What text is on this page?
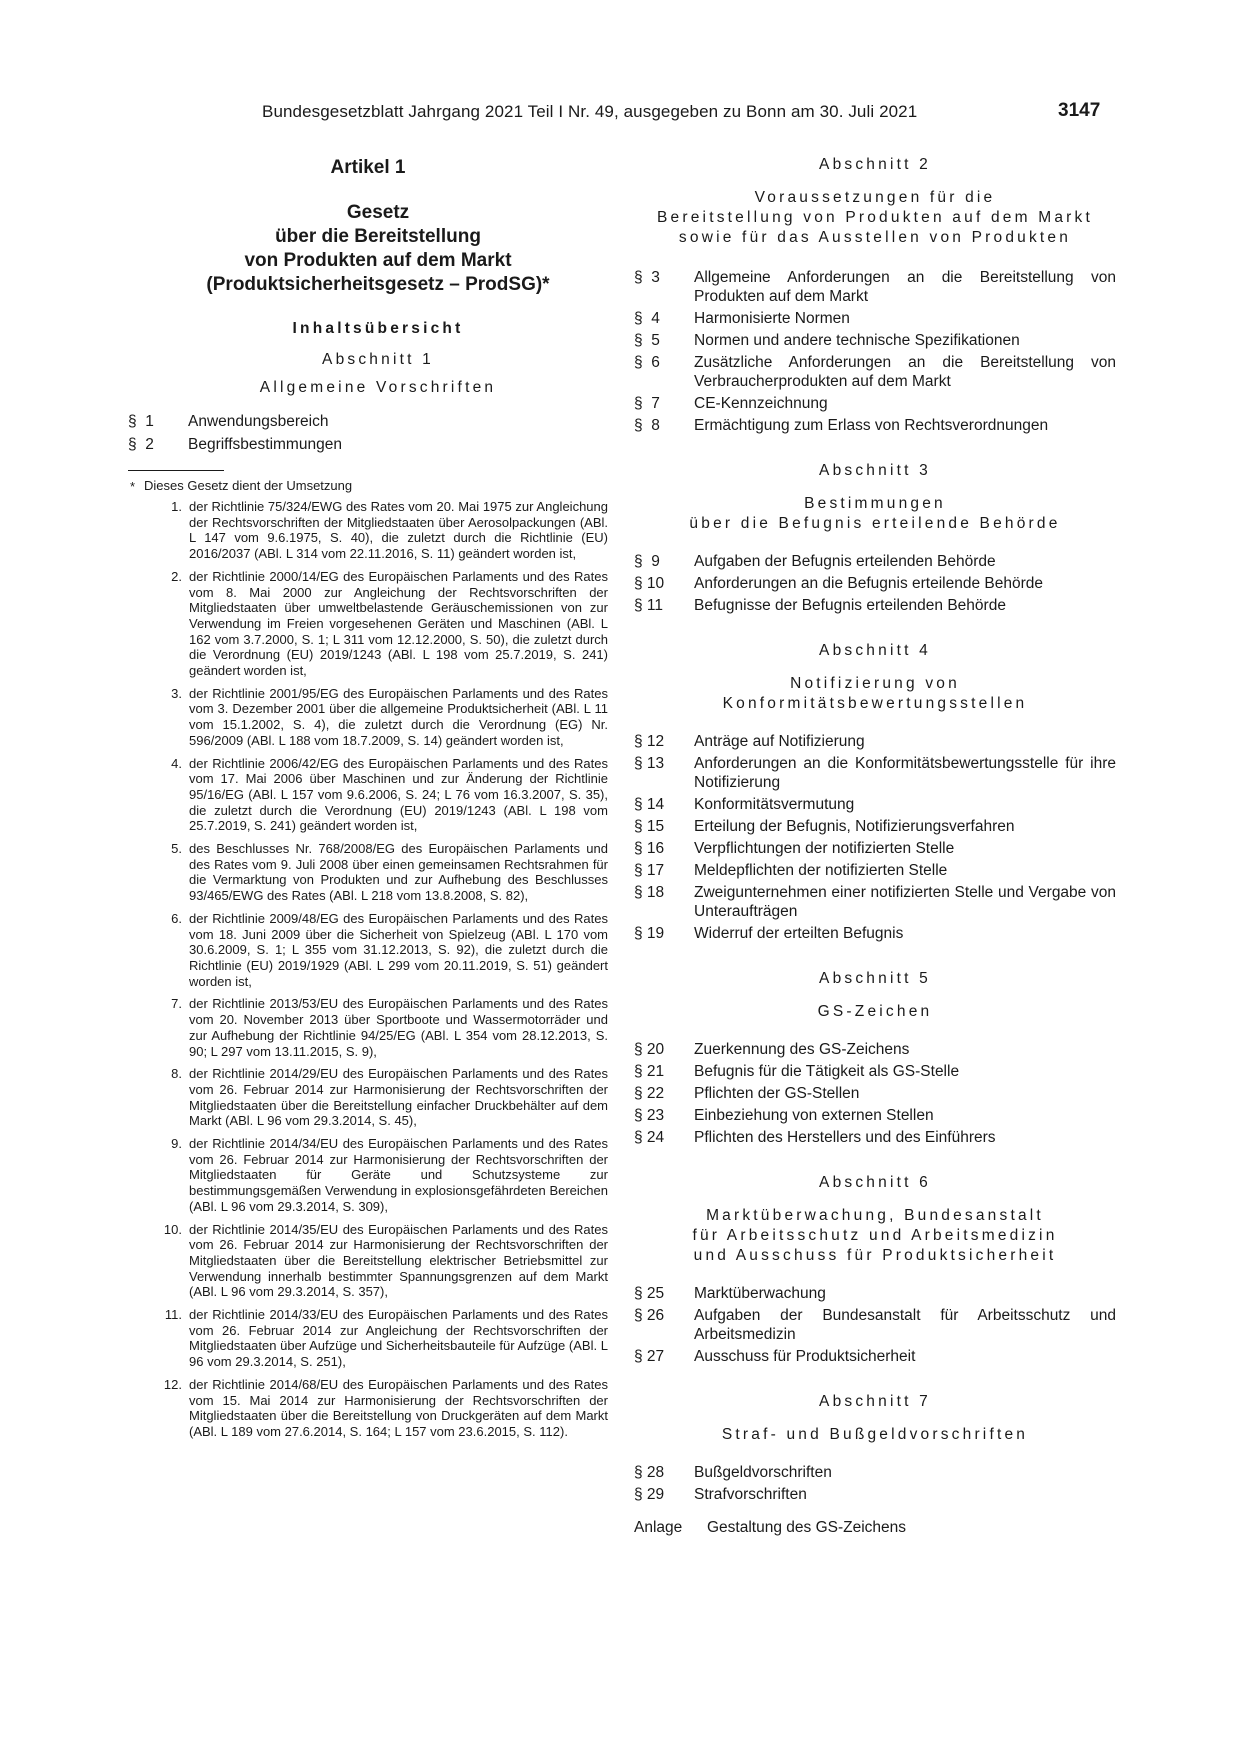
Bundesgesetzblatt Jahrgang 2021 Teil I Nr. 49, ausgegeben zu Bonn am 30. Juli 2021	3147
Artikel 1
Gesetz
über die Bereitstellung
von Produkten auf dem Markt
(Produktsicherheitsgesetz – ProdSG)*
Inhaltsübersicht
Abschnitt 1
Allgemeine Vorschriften
§  1 Anwendungsbereich
§  2 Begriffsbestimmungen
* Dieses Gesetz dient der Umsetzung
1. der Richtlinie 75/324/EWG des Rates vom 20. Mai 1975 zur Angleichung der Rechtsvorschriften der Mitgliedstaaten über Aerosolpackungen (ABl. L 147 vom 9.6.1975, S. 40), die zuletzt durch die Richtlinie (EU) 2016/2037 (ABl. L 314 vom 22.11.2016, S. 11) geändert worden ist,
2. der Richtlinie 2000/14/EG des Europäischen Parlaments und des Rates vom 8. Mai 2000 zur Angleichung der Rechtsvorschriften der Mitgliedstaaten über umweltbelastende Geräuschemissionen von zur Verwendung im Freien vorgesehenen Geräten und Maschinen (ABl. L 162 vom 3.7.2000, S. 1; L 311 vom 12.12.2000, S. 50), die zuletzt durch die Verordnung (EU) 2019/1243 (ABl. L 198 vom 25.7.2019, S. 241) geändert worden ist,
3. der Richtlinie 2001/95/EG des Europäischen Parlaments und des Rates vom 3. Dezember 2001 über die allgemeine Produktsicherheit (ABl. L 11 vom 15.1.2002, S. 4), die zuletzt durch die Verordnung (EG) Nr. 596/2009 (ABl. L 188 vom 18.7.2009, S. 14) geändert worden ist,
4. der Richtlinie 2006/42/EG des Europäischen Parlaments und des Rates vom 17. Mai 2006 über Maschinen und zur Änderung der Richtlinie 95/16/EG (ABl. L 157 vom 9.6.2006, S. 24; L 76 vom 16.3.2007, S. 35), die zuletzt durch die Verordnung (EU) 2019/1243 (ABl. L 198 vom 25.7.2019, S. 241) geändert worden ist,
5. des Beschlusses Nr. 768/2008/EG des Europäischen Parlaments und des Rates vom 9. Juli 2008 über einen gemeinsamen Rechtsrahmen für die Vermarktung von Produkten und zur Aufhebung des Beschlusses 93/465/EWG des Rates (ABl. L 218 vom 13.8.2008, S. 82),
6. der Richtlinie 2009/48/EG des Europäischen Parlaments und des Rates vom 18. Juni 2009 über die Sicherheit von Spielzeug (ABl. L 170 vom 30.6.2009, S. 1; L 355 vom 31.12.2013, S. 92), die zuletzt durch die Richtlinie (EU) 2019/1929 (ABl. L 299 vom 20.11.2019, S. 51) geändert worden ist,
7. der Richtlinie 2013/53/EU des Europäischen Parlaments und des Rates vom 20. November 2013 über Sportboote und Wassermotorräder und zur Aufhebung der Richtlinie 94/25/EG (ABl. L 354 vom 28.12.2013, S. 90; L 297 vom 13.11.2015, S. 9),
8. der Richtlinie 2014/29/EU des Europäischen Parlaments und des Rates vom 26. Februar 2014 zur Harmonisierung der Rechtsvorschriften der Mitgliedstaaten über die Bereitstellung einfacher Druckbehälter auf dem Markt (ABl. L 96 vom 29.3.2014, S. 45),
9. der Richtlinie 2014/34/EU des Europäischen Parlaments und des Rates vom 26. Februar 2014 zur Harmonisierung der Rechtsvorschriften der Mitgliedstaaten für Geräte und Schutzsysteme zur bestimmungsgemäßen Verwendung in explosionsgefährdeten Bereichen (ABl. L 96 vom 29.3.2014, S. 309),
10. der Richtlinie 2014/35/EU des Europäischen Parlaments und des Rates vom 26. Februar 2014 zur Harmonisierung der Rechtsvorschriften der Mitgliedstaaten über die Bereitstellung elektrischer Betriebsmittel zur Verwendung innerhalb bestimmter Spannungsgrenzen auf dem Markt (ABl. L 96 vom 29.3.2014, S. 357),
11. der Richtlinie 2014/33/EU des Europäischen Parlaments und des Rates vom 26. Februar 2014 zur Angleichung der Rechtsvorschriften der Mitgliedstaaten über Aufzüge und Sicherheitsbauteile für Aufzüge (ABl. L 96 vom 29.3.2014, S. 251),
12. der Richtlinie 2014/68/EU des Europäischen Parlaments und des Rates vom 15. Mai 2014 zur Harmonisierung der Rechtsvorschriften der Mitgliedstaaten über die Bereitstellung von Druckgeräten auf dem Markt (ABl. L 189 vom 27.6.2014, S. 164; L 157 vom 23.6.2015, S. 112).
Abschnitt 2
Voraussetzungen für die
Bereitstellung von Produkten auf dem Markt
sowie für das Ausstellen von Produkten
§  3 Allgemeine Anforderungen an die Bereitstellung von Produkten auf dem Markt
§  4 Harmonisierte Normen
§  5 Normen und andere technische Spezifikationen
§  6 Zusätzliche Anforderungen an die Bereitstellung von Verbraucherprodukten auf dem Markt
§  7 CE-Kennzeichnung
§  8 Ermächtigung zum Erlass von Rechtsverordnungen
Abschnitt 3
Bestimmungen
über die Befugnis erteilende Behörde
§  9 Aufgaben der Befugnis erteilenden Behörde
§ 10 Anforderungen an die Befugnis erteilende Behörde
§ 11 Befugnisse der Befugnis erteilenden Behörde
Abschnitt 4
Notifizierung von
Konformitätsbewertungsstellen
§ 12 Anträge auf Notifizierung
§ 13 Anforderungen an die Konformitätsbewertungsstelle für ihre Notifizierung
§ 14 Konformitätsvermutung
§ 15 Erteilung der Befugnis, Notifizierungsverfahren
§ 16 Verpflichtungen der notifizierten Stelle
§ 17 Meldepflichten der notifizierten Stelle
§ 18 Zweigunternehmen einer notifizierten Stelle und Vergabe von Unteraufträgen
§ 19 Widerruf der erteilten Befugnis
Abschnitt 5
GS-Zeichen
§ 20 Zuerkennung des GS-Zeichens
§ 21 Befugnis für die Tätigkeit als GS-Stelle
§ 22 Pflichten der GS-Stellen
§ 23 Einbeziehung von externen Stellen
§ 24 Pflichten des Herstellers und des Einführers
Abschnitt 6
Marktüberwachung, Bundesanstalt
für Arbeitsschutz und Arbeitsmedizin
und Ausschuss für Produktsicherheit
§ 25 Marktüberwachung
§ 26 Aufgaben der Bundesanstalt für Arbeitsschutz und Arbeitsmedizin
§ 27 Ausschuss für Produktsicherheit
Abschnitt 7
Straf- und Bußgeldvorschriften
§ 28 Bußgeldvorschriften
§ 29 Strafvorschriften
Anlage Gestaltung des GS-Zeichens
